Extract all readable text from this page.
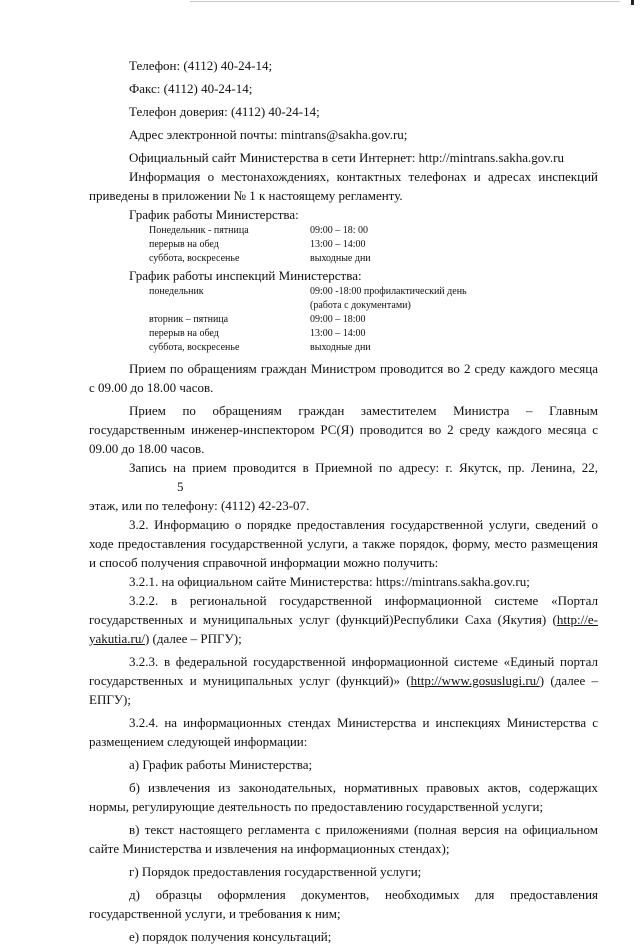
Телефон: (4112) 40-24-14;

Факс: (4112) 40-24-14;

Телефон доверия: (4112) 40-24-14;

Адрес электронной почты: mintrans@sakha.gov.ru;

Официальный сайт Министерства в сети Интернет: http://mintrans.sakha.gov.ru

Информация о местонахождениях, контактных телефонах и адресах инспекций приведены в приложении № 1 к настоящему регламенту.

График работы Министерства:
Понедельник - пятница	09:00 – 18: 00
перерыв на обед	13:00 – 14:00
суббота, воскресенье	выходные дни
График работы инспекций Министерства:
понедельник	09:00 -18:00 профилактический день (работа с документами)
вторник – пятница	09:00 – 18:00
перерыв на обед	13:00 – 14:00
суббота, воскресенье	выходные дни

Прием по обращениям граждан Министром проводится во 2 среду каждого месяца с 09.00 до 18.00 часов.

Прием по обращениям граждан заместителем Министра – Главным государственным инженер-инспектором РС(Я) проводится во 2 среду каждого месяца с 09.00 до 18.00 часов.

Запись на прием проводится в Приемной по адресу: г. Якутск, пр. Ленина, 22,5
этаж, или по телефону: (4112) 42-23-07.

3.2. Информацию о порядке предоставления государственной услуги, сведений о ходе предоставления государственной услуги, а также порядок, форму, место размещения и способ получения справочной информации можно получить:

3.2.1. на официальном сайте Министерства: https://mintrans.sakha.gov.ru;

3.2.2. в региональной государственной информационной системе «Портал государственных и муниципальных услуг (функций)Республики Саха (Якутия) (http://e-yakutia.ru/) (далее – РПГУ);

3.2.3. в федеральной государственной информационной системе «Единый портал государственных и муниципальных услуг (функций)» (http://www.gosuslugi.ru/) (далее – ЕПГУ);

3.2.4. на информационных стендах Министерства и инспекциях Министерства с размещением следующей информации:

а) График работы Министерства;

б) извлечения из законодательных, нормативных правовых актов, содержащих нормы, регулирующие деятельность по предоставлению государственной услуги;

в) текст настоящего регламента с приложениями (полная версия на официальном сайте Министерства и извлечения на информационных стендах);

г) Порядок предоставления государственной услуги;

д) образцы оформления документов, необходимых для предоставления государственной услуги, и требования к ним;

е) порядок получения консультаций;
